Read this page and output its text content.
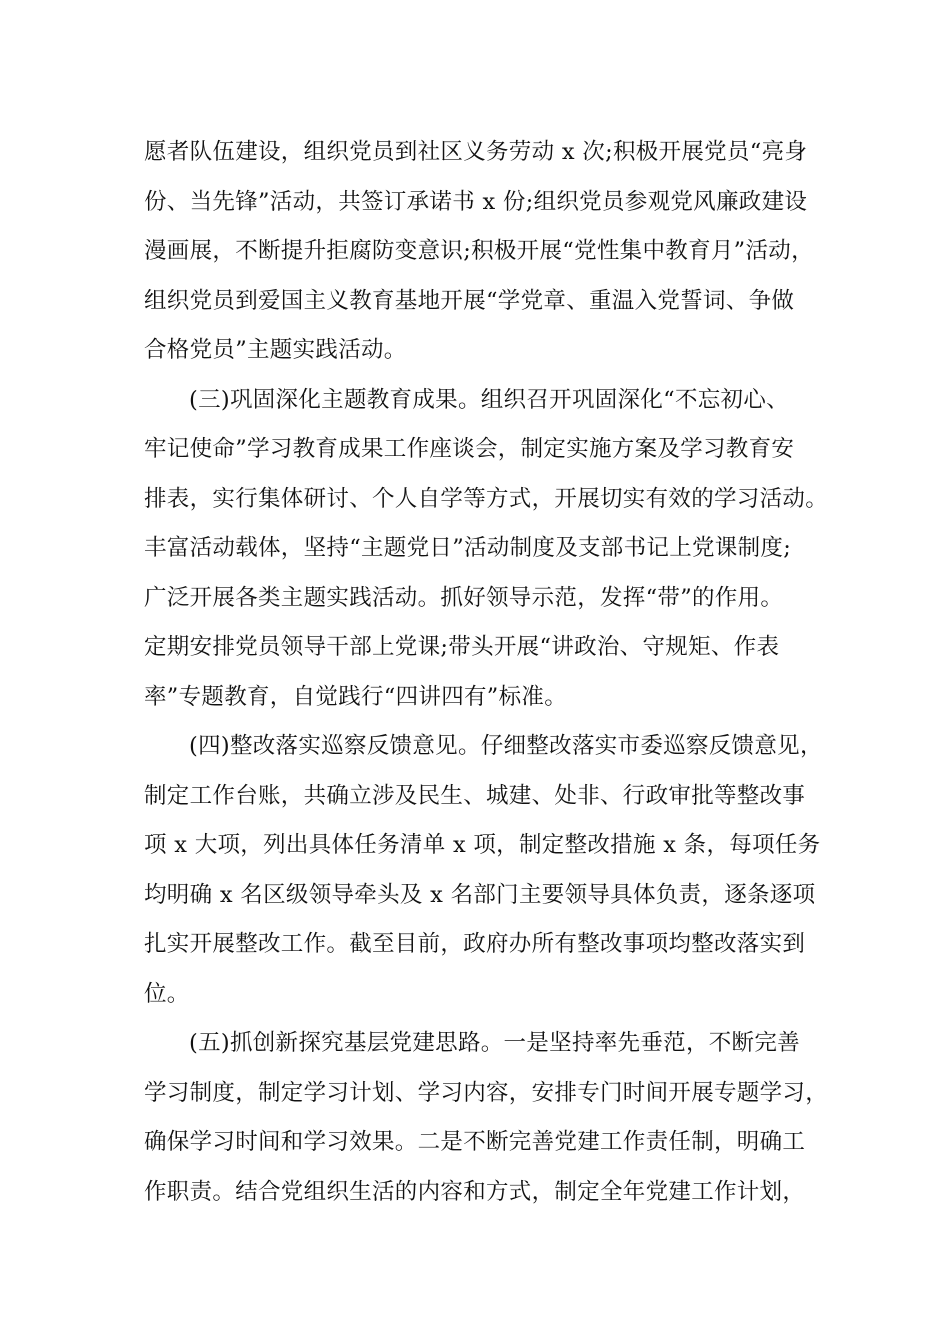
愿者队伍建设，组织党员到社区义务劳动 x 次;积极开展党员“亮身
份、当先锋”活动，共签订承诺书 x 份;组织党员参观党风廉政建设
漫画展，不断提升拒腐防变意识;积极开展“党性集中教育月”活动，
组织党员到爱国主义教育基地开展“学党章、重温入党誓词、争做
合格党员”主题实践活动。

(三)巩固深化主题教育成果。组织召开巩固深化“不忘初心、
牢记使命”学习教育成果工作座谈会，制定实施方案及学习教育安
排表，实行集体研讨、个人自学等方式，开展切实有效的学习活动。
丰富活动载体，坚持“主题党日”活动制度及支部书记上党课制度;
广泛开展各类主题实践活动。抓好领导示范，发挥“带”的作用。
定期安排党员领导干部上党课;带头开展“讲政治、守规矩、作表
率”专题教育，自觉践行“四讲四有”标准。

(四)整改落实巡察反馈意见。仔细整改落实市委巡察反馈意见，
制定工作台账，共确立涉及民生、城建、处非、行政审批等整改事
项 x 大项，列出具体任务清单 x 项，制定整改措施 x 条，每项任务
均明确 x 名区级领导牵头及 x 名部门主要领导具体负责，逐条逐项
扎实开展整改工作。截至目前，政府办所有整改事项均整改落实到
位。

(五)抓创新探究基层党建思路。一是坚持率先垂范，不断完善
学习制度，制定学习计划、学习内容，安排专门时间开展专题学习，
确保学习时间和学习效果。二是不断完善党建工作责任制，明确工
作职责。结合党组织生活的内容和方式，制定全年党建工作计划，
